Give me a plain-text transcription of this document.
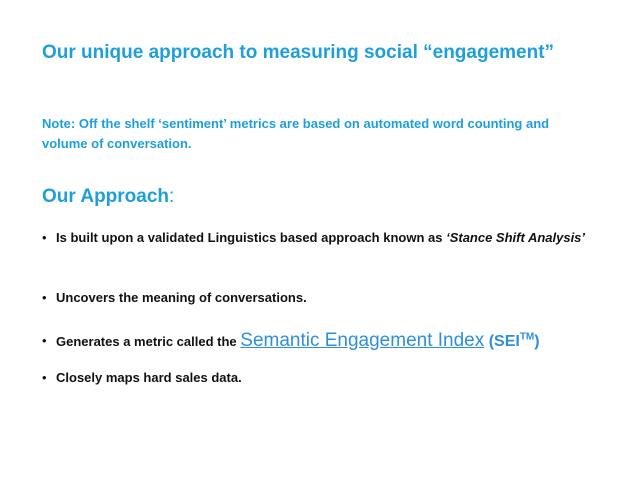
Our unique approach to measuring social “engagement”
Note: Off the shelf ‘sentiment’ metrics are based on automated word counting and volume of conversation.
Our Approach:
• Is built upon a validated Linguistics based approach known as ‘Stance Shift Analysis’
• Uncovers the meaning of conversations.
• Generates a metric called the Semantic Engagement Index (SEI™)
• Closely maps hard sales data.
